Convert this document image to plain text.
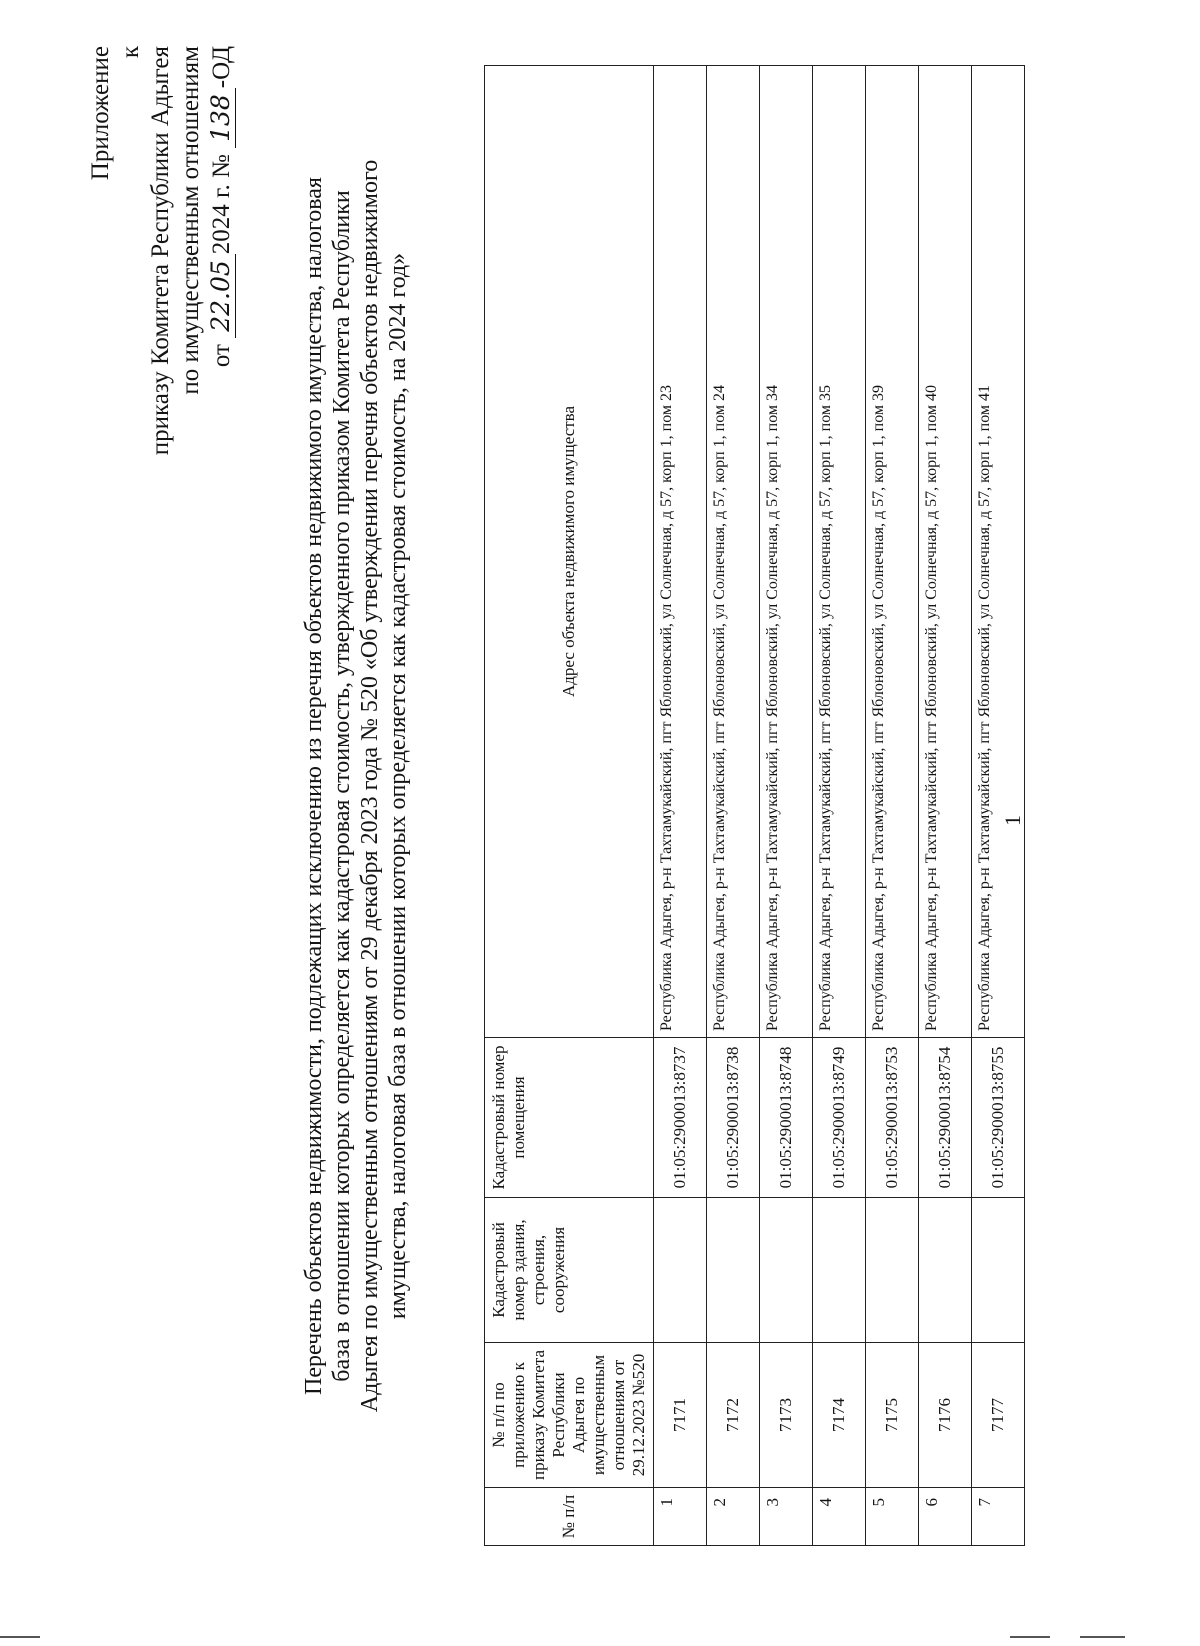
Приложение к приказу Комитета Республики Адыгея по имущественным отношениям от 22.052024 г. № 138-ОД
Перечень объектов недвижимости, подлежащих исключению из перечня объектов недвижимого имущества, налоговая база в отношении которых определяется как кадастровая стоимость, утвержденного приказом Комитета Республики Адыгея по имущественным отношениям от 29 декабря 2023 года № 520 «Об утверждении перечня объектов недвижимого имущества, налоговая база в отношении которых определяется как кадастровая стоимость, на 2024 год»
№ п/п	№ п/п по приложению к приказу Комитета Республики Адыгея по имущественным отношениям от 29.12.2023 №520	Кадастровый номер здания, строения, сооружения	Кадастровый номер помещения	Адрес объекта недвижимого имущества
1	7171		01:05:2900013:8737	Республика Адыгея, р-н Тахтамукайский, пгт Яблоновский, ул Солнечная, д 57, корп 1, пом 23
2	7172		01:05:2900013:8738	Республика Адыгея, р-н Тахтамукайский, пгт Яблоновский, ул Солнечная, д 57, корп 1, пом 24
3	7173		01:05:2900013:8748	Республика Адыгея, р-н Тахтамукайский, пгт Яблоновский, ул Солнечная, д 57, корп 1, пом 34
4	7174		01:05:2900013:8749	Республика Адыгея, р-н Тахтамукайский, пгт Яблоновский, ул Солнечная, д 57, корп 1, пом 35
5	7175		01:05:2900013:8753	Республика Адыгея, р-н Тахтамукайский, пгт Яблоновский, ул Солнечная, д 57, корп 1, пом 39
6	7176		01:05:2900013:8754	Республика Адыгея, р-н Тахтамукайский, пгт Яблоновский, ул Солнечная, д 57, корп 1, пом 40
7	7177		01:05:2900013:8755	Республика Адыгея, р-н Тахтамукайский, пгт Яблоновский, ул Солнечная, д 57, корп 1, пом 41 1
